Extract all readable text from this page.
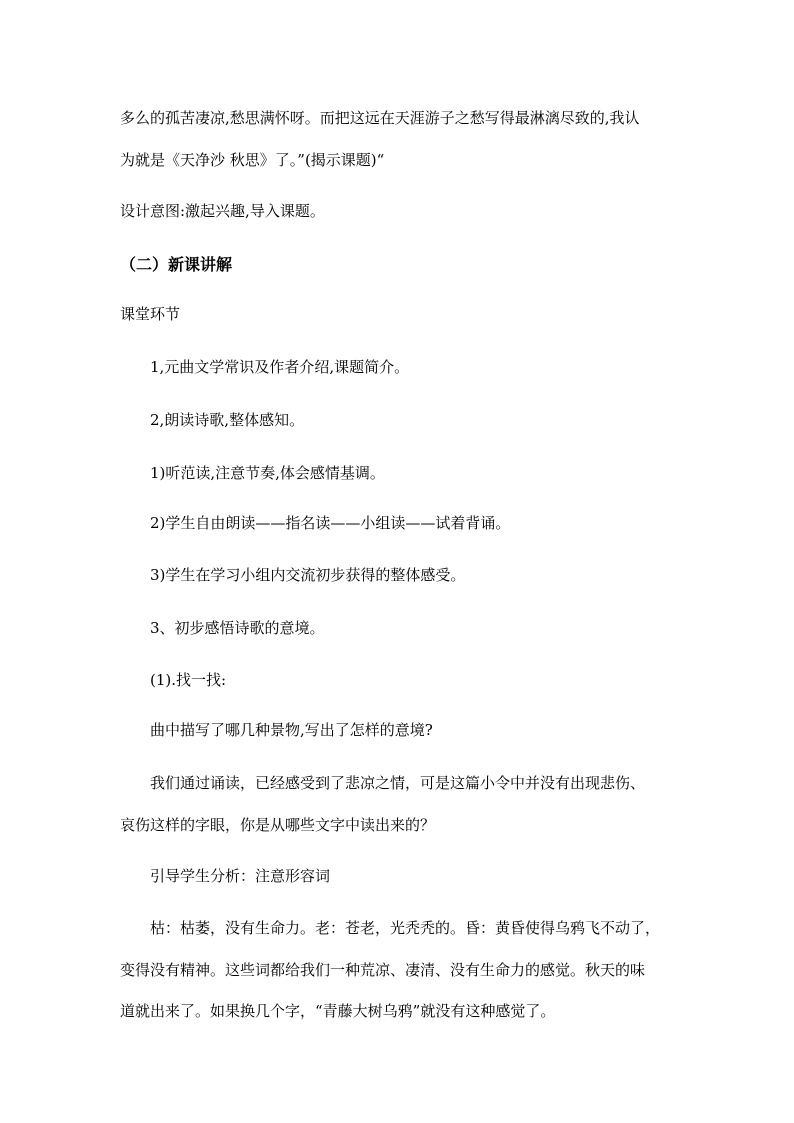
多么的孤苦凄凉,愁思满怀呀。而把这远在天涯游子之愁写得最淋漓尽致的,我认
为就是《天净沙 秋思》了。”(揭示课题)“
设计意图:激起兴趣,导入课题。
（二）新课讲解
课堂环节
1,元曲文学常识及作者介绍,课题简介。
2,朗读诗歌,整体感知。
1)听范读,注意节奏,体会感情基调。
2)学生自由朗读——指名读——小组读——试着背诵。
3)学生在学习小组内交流初步获得的整体感受。
3、初步感悟诗歌的意境。
(1).找一找:
曲中描写了哪几种景物,写出了怎样的意境?
我们通过诵读，已经感受到了悲凉之情，可是这篇小令中并没有出现悲伤、
哀伤这样的字眼，你是从哪些文字中读出来的？
引导学生分析：注意形容词
枯：枯萎，没有生命力。老：苍老，光秃秃的。昏：黄昏使得乌鸦飞不动了，
变得没有精神。这些词都给我们一种荒凉、凄清、没有生命力的感觉。秋天的味
道就出来了。如果换几个字，“青藤大树乌鸦”就没有这种感觉了。
